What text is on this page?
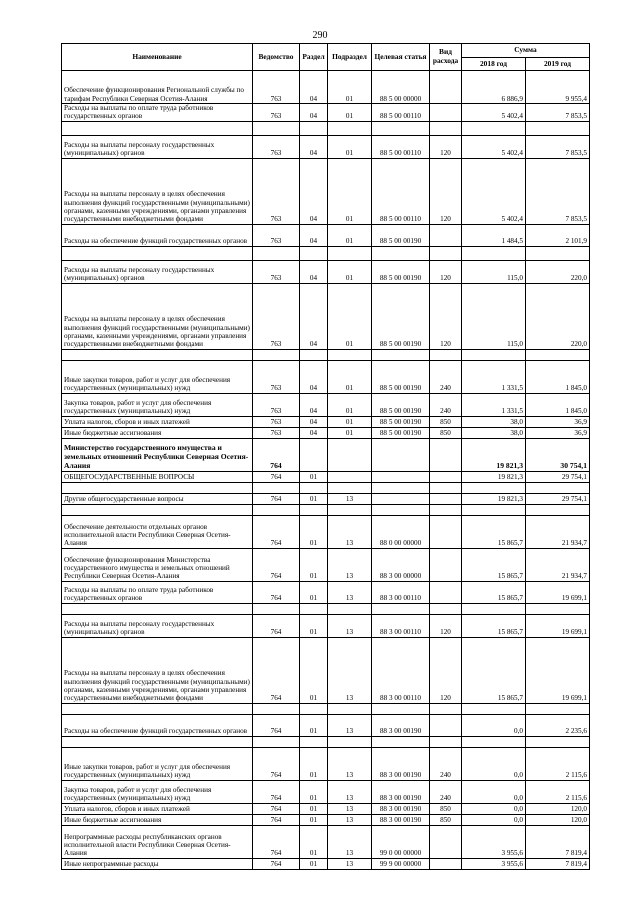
290
Наименование	Ведомство	Раздел	Подраздел	Целевая статья	Вид расхода	Сумма	
						2018 год	2019 год
Обеспечение функционирования Региональной службы по тарифам Республики Северная Осетия-Алания	763	04	01	88 5 00 00000		6 886,9	9 955,4
Расходы на выплаты по оплате труда работников государственных органов	763	04	01	88 5 00 00110		5 402,4	7 853,5

Расходы на выплаты персоналу государственных (муниципальных) органов	763	04	01	88 5 00 00110	120	5 402,4	7 853,5
Расходы на выплаты персоналу в целях обеспечения выполнения функций государственными (муниципальными) органами, казенными учреждениями, органами управления государственными внебюджетными фондами	763	04	01	88 5 00 00110	120	5 402,4	7 853,5
Расходы на обеспечение функций государственных органов	763	04	01	88 5 00 00190		1 484,5	2 101,9

Расходы на выплаты персоналу государственных (муниципальных) органов	763	04	01	88 5 00 00190	120	115,0	220,0
Расходы на выплаты персоналу в целях обеспечения выполнения функций государственными (муниципальными) органами, казенными учреждениями, органами управления государственными внебюджетными фондами	763	04	01	88 5 00 00190	120	115,0	220,0

Иные закупки товаров, работ и услуг для обеспечения государственных (муниципальных) нужд	763	04	01	88 5 00 00190	240	1 331,5	1 845,0
Закупка товаров, работ и услуг для обеспечения государственных (муниципальных) нужд	763	04	01	88 5 00 00190	240	1 331,5	1 845,0
Уплата налогов, сборов и иных платежей	763	04	01	88 5 00 00190	850	38,0	36,9
Иные бюджетные ассигнования	763	04	01	88 5 00 00190	850	38,0	36,9
Министерство государственного имущества и земельных отношений Республики Северная Осетия-Алания	764					19 821,3	30 754,1
ОБЩЕГОСУДАРСТВЕННЫЕ ВОПРОСЫ	764	01				19 821,3	29 754,1

Другие общегосударственные вопросы	764	01	13			19 821,3	29 754,1

Обеспечение деятельности отдельных органов исполнительной власти Республики Северная Осетия-Алания	764	01	13	88 0 00 00000		15 865,7	21 934,7
Обеспечение функционирования Министерства государственного имущества и земельных отношений Республики Северная Осетия-Алания	764	01	13	88 3 00 00000		15 865,7	21 934,7
Расходы на выплаты по оплате труда работников государственных органов	764	01	13	88 3 00 00110		15 865,7	19 699,1

Расходы на выплаты персоналу государственных (муниципальных) органов	764	01	13	88 3 00 00110	120	15 865,7	19 699,1
Расходы на выплаты персоналу в целях обеспечения выполнения функций государственными (муниципальными) органами, казенными учреждениями, органами управления государственными внебюджетными фондами	764	01	13	88 3 00 00110	120	15 865,7	19 699,1

Расходы на обеспечение функций государственных органов	764	01	13	88 3 00 00190		0,0	2 235,6

Иные закупки товаров, работ и услуг для обеспечения государственных (муниципальных) нужд	764	01	13	88 3 00 00190	240	0,0	2 115,6
Закупка товаров, работ и услуг для обеспечения государственных (муниципальных) нужд	764	01	13	88 3 00 00190	240	0,0	2 115,6
Уплата налогов, сборов и иных платежей	764	01	13	88 3 00 00190	850	0,0	120,0
Иные бюджетные ассигнования	764	01	13	88 3 00 00190	850	0,0	120,0
Непрограммные расходы республиканских органов исполнительной власти Республики Северная Осетия-Алания	764	01	13	99 0 00 00000		3 955,6	7 819,4
Иные непрограммные расходы	764	01	13	99 9 00 00000		3 955,6	7 819,4
